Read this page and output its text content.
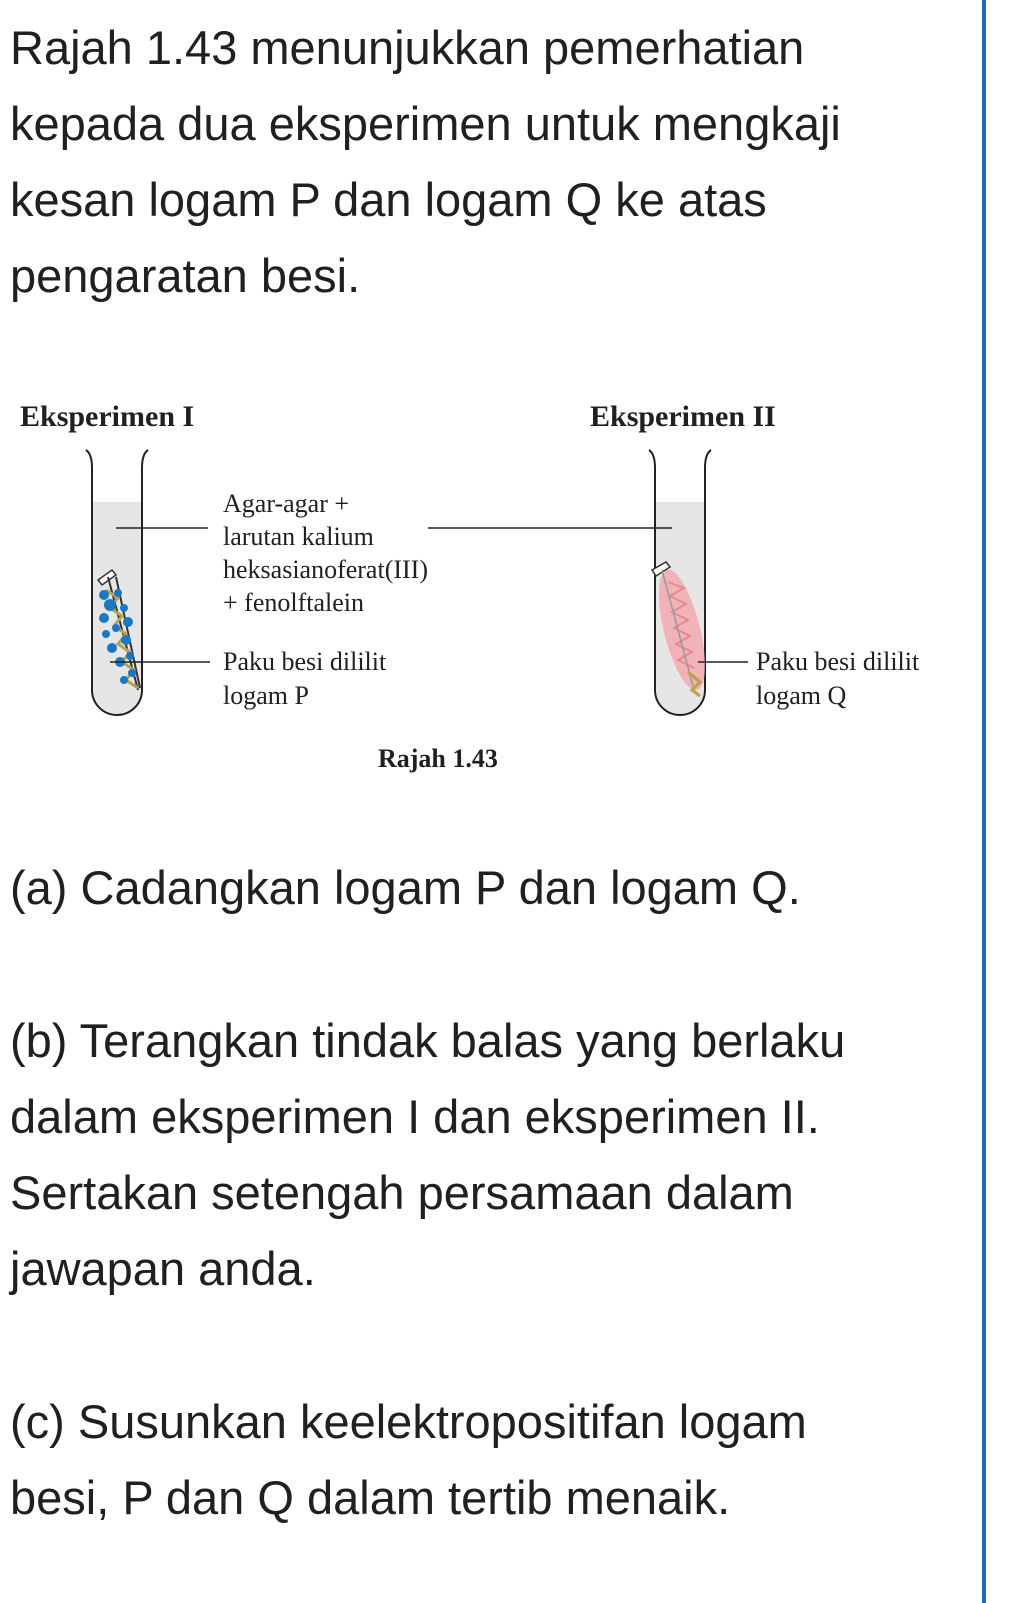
Rajah 1.43 menunjukkan pemerhatian
kepada dua eksperimen untuk mengkaji
kesan logam P dan logam Q ke atas
pengaratan besi.

Eksperimen I	Eksperimen II
Agar-agar + larutan kalium heksasianoferat(III) + fenolftalein
Paku besi dililit logam P
Paku besi dililit logam Q
Rajah 1.43

(a) Cadangkan logam P dan logam Q.

(b) Terangkan tindak balas yang berlaku
dalam eksperimen I dan eksperimen II.
Sertakan setengah persamaan dalam
jawapan anda.

(c) Susunkan keelektropositifan logam
besi, P dan Q dalam tertib menaik.
